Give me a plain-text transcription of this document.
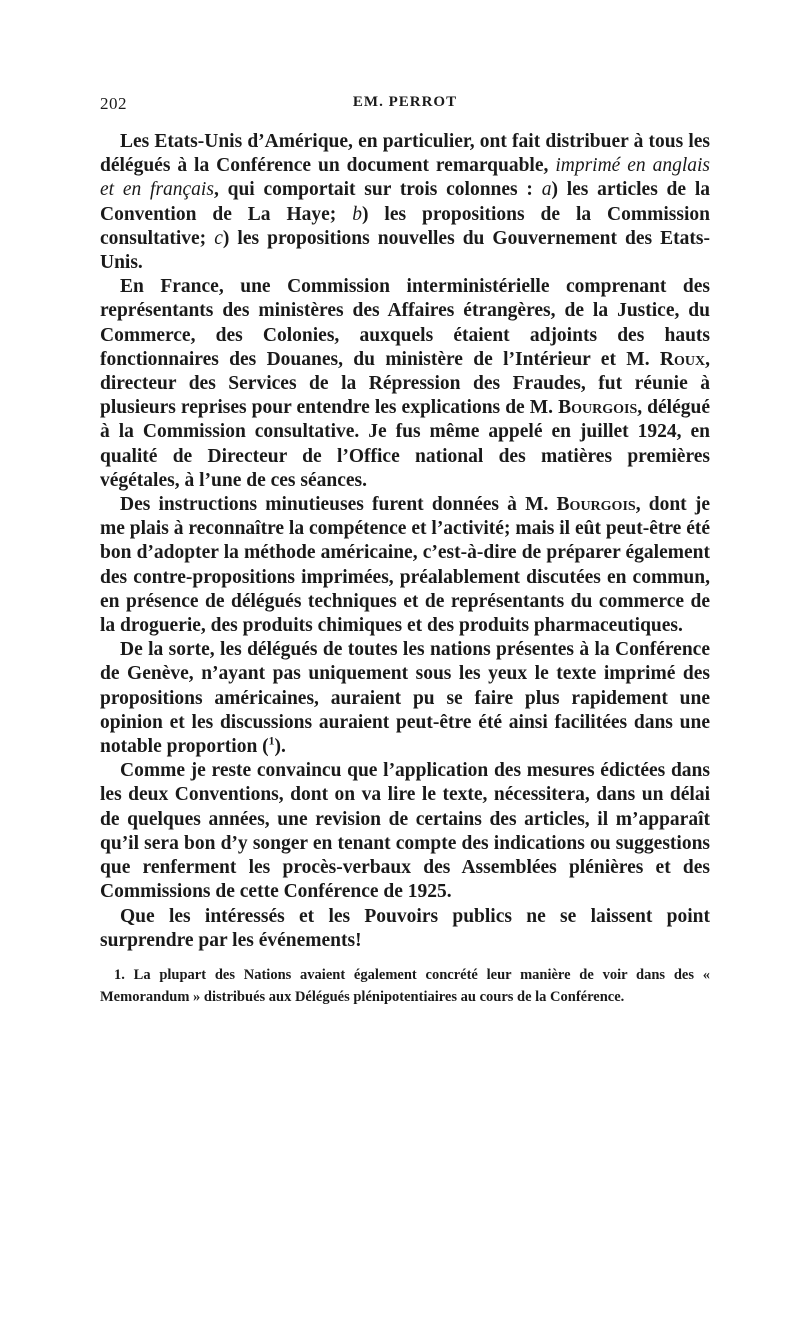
202	EM. PERROT

Les Etats-Unis d’Amérique, en particulier, ont fait distribuer à tous les délégués à la Conférence un document remarquable, imprimé en anglais et en français, qui comportait sur trois colonnes : a) les articles de la Convention de La Haye; b) les propositions de la Commission consultative; c) les propositions nouvelles du Gouvernement des Etats-Unis.

En France, une Commission interministérielle comprenant des représentants des ministères des Affaires étrangères, de la Justice, du Commerce, des Colonies, auxquels étaient adjoints des hauts fonctionnaires des Douanes, du ministère de l’Intérieur et M. Roux, directeur des Services de la Répression des Fraudes, fut réunie à plusieurs reprises pour entendre les explications de M. Bourgois, délégué à la Commission consultative. Je fus même appelé en juillet 1924, en qualité de Directeur de l’Office national des matières premières végétales, à l’une de ces séances.

Des instructions minutieuses furent données à M. Bourgois, dont je me plais à reconnaître la compétence et l’activité; mais il eût peut-être été bon d’adopter la méthode américaine, c’est-à-dire de préparer également des contre-propositions imprimées, préalablement discutées en commun, en présence de délégués techniques et de représentants du commerce de la droguerie, des produits chimiques et des produits pharmaceutiques.

De la sorte, les délégués de toutes les nations présentes à la Conférence de Genève, n’ayant pas uniquement sous les yeux le texte imprimé des propositions américaines, auraient pu se faire plus rapidement une opinion et les discussions auraient peut-être été ainsi facilitées dans une notable proportion ($^1$).

Comme je reste convaincu que l’application des mesures édictées dans les deux Conventions, dont on va lire le texte, nécessitera, dans un délai de quelques années, une revision de certains des articles, il m’apparaît qu’il sera bon d’y songer en tenant compte des indications ou suggestions que renferment les procès-verbaux des Assemblées plénières et des Commissions de cette Conférence de 1925.

Que les intéressés et les Pouvoirs publics ne se laissent point surprendre par les événements!

1. La plupart des Nations avaient également concrété leur manière de voir dans des « Memorandum » distribués aux Délégués plénipotentiaires au cours de la Conférence.
